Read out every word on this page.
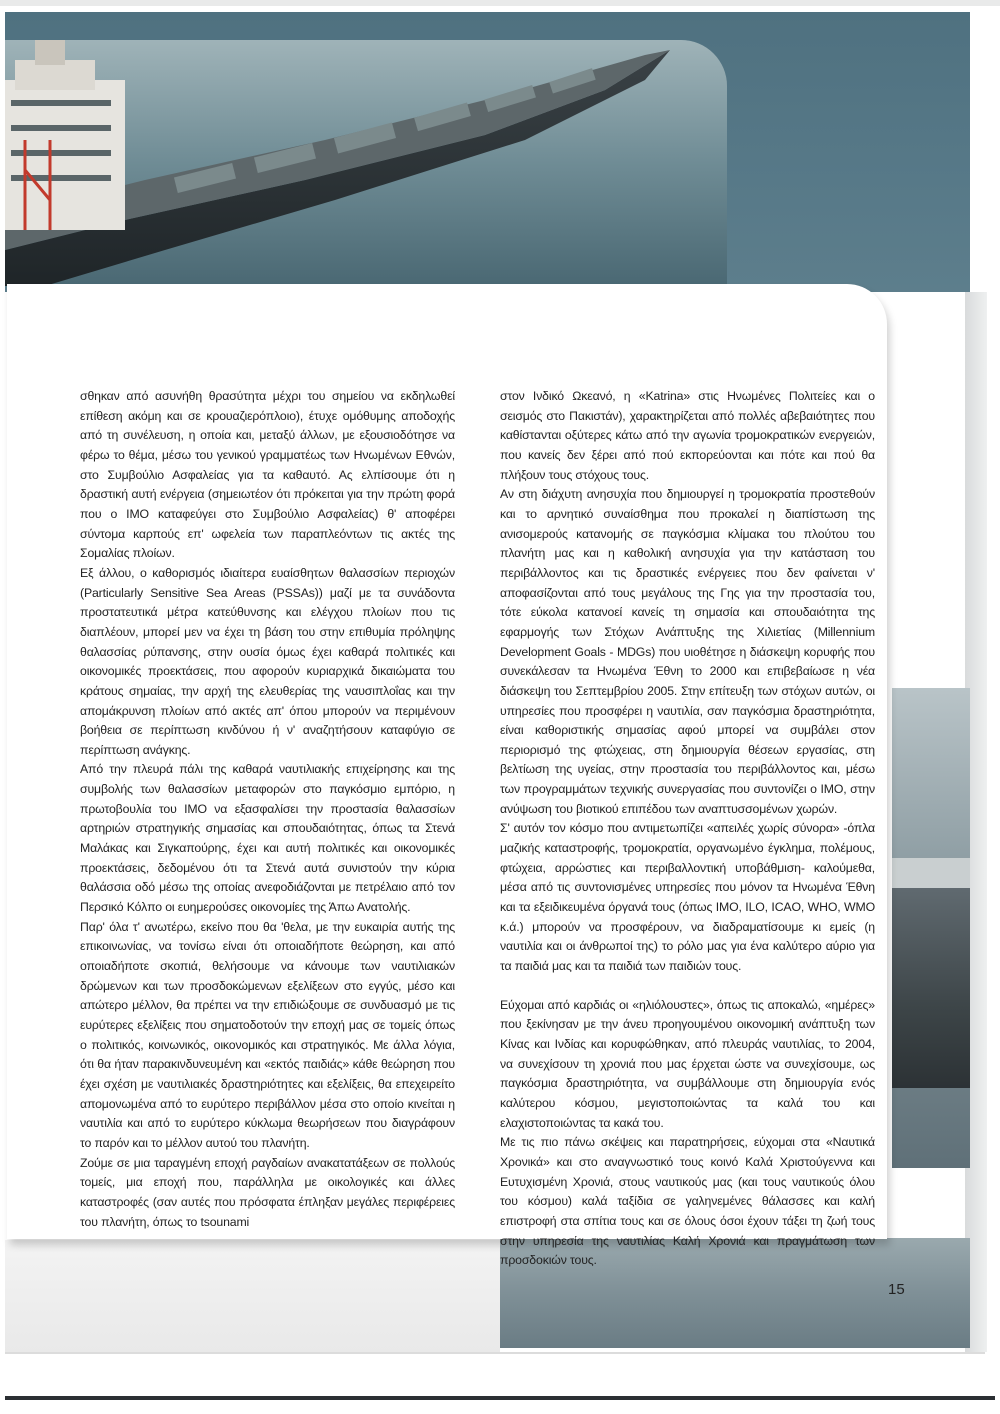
σθηκαν από ασυνήθη θρασύτητα μέχρι του σημείου να εκδηλωθεί επίθεση ακόμη και σε κρουαζιερόπλοιο), έτυχε ομόθυμης αποδοχής από τη συνέλευση, η οποία και, μεταξύ άλλων, με εξουσιοδότησε να φέρω το θέμα, μέσω του γενικού γραμματέως των Ηνωμένων Εθνών, στο Συμβούλιο Ασφαλείας για τα καθαυτό. Ας ελπίσουμε ότι η δραστική αυτή ενέργεια (σημειωτέον ότι πρόκειται για την πρώτη φορά που ο ΙΜΟ καταφεύγει στο Συμβούλιο Ασφαλείας) θ' αποφέρει σύντομα καρπούς επ' ωφελεία των παραπλεόντων τις ακτές της Σομαλίας πλοίων.

Εξ άλλου, ο καθορισμός ιδιαίτερα ευαίσθητων θαλασσίων περιοχών (Particularly Sensitive Sea Areas (PSSAs)) μαζί με τα συνάδοντα προστατευτικά μέτρα κατεύθυνσης και ελέγχου πλοίων που τις διαπλέουν, μπορεί μεν να έχει τη βάση του στην επιθυμία πρόληψης θαλασσίας ρύπανσης, στην ουσία όμως έχει καθαρά πολιτικές και οικονομικές προεκτάσεις, που αφορούν κυριαρχικά δικαιώματα του κράτους σημαίας, την αρχή της ελευθερίας της ναυσιπλοΐας και την απομάκρυνση πλοίων από ακτές απ' όπου μπορούν να περιμένουν βοήθεια σε περίπτωση κινδύνου ή ν' αναζητήσουν καταφύγιο σε περίπτωση ανάγκης.

Από την πλευρά πάλι της καθαρά ναυτιλιακής επιχείρησης και της συμβολής των θαλασσίων μεταφορών στο παγκόσμιο εμπόριο, η πρωτοβουλία του ΙΜΟ να εξασφαλίσει την προστασία θαλασσίων αρτηριών στρατηγικής σημασίας και σπουδαιότητας, όπως τα Στενά Μαλάκας και Σιγκαπούρης, έχει και αυτή πολιτικές και οικονομικές προεκτάσεις, δεδομένου ότι τα Στενά αυτά συνιστούν την κύρια θαλάσσια οδό μέσω της οποίας ανεφοδιάζονται με πετρέλαιο από τον Περσικό Κόλπο οι ευημερούσες οικονομίες της Άπω Ανατολής.

Παρ' όλα τ' ανωτέρω, εκείνο που θα 'θελα, με την ευκαιρία αυτής της επικοινωνίας, να τονίσω είναι ότι οποιαδήποτε θεώρηση, και από οποιαδήποτε σκοπιά, θελήσουμε να κάνουμε των ναυτιλιακών δρώμενων και των προσδοκώμενων εξελίξεων στο εγγύς, μέσο και απώτερο μέλλον, θα πρέπει να την επιδιώξουμε σε συνδυασμό με τις ευρύτερες εξελίξεις που σηματοδοτούν την εποχή μας σε τομείς όπως ο πολιτικός, κοινωνικός, οικονομικός και στρατηγικός. Με άλλα λόγια, ότι θα ήταν παρακινδυνευμένη και «εκτός παιδιάς» κάθε θεώρηση που έχει σχέση με ναυτιλιακές δραστηριότητες και εξελίξεις, θα επεχειρείτο απομονωμένα από το ευρύτερο περιβάλλον μέσα στο οποίο κινείται η ναυτιλία και από το ευρύτερο κύκλωμα θεωρήσεων που διαγράφουν το παρόν και το μέλλον αυτού του πλανήτη.

Ζούμε σε μια ταραγμένη εποχή ραγδαίων ανακατατάξεων σε πολλούς τομείς, μια εποχή που, παράλληλα με οικολογικές και άλλες καταστροφές (σαν αυτές που πρόσφατα έπληξαν μεγάλες περιφέρειες του πλανήτη, όπως το tsounami

στον Ινδικό Ωκεανό, η «Katrina» στις Ηνωμένες Πολιτείες και ο σεισμός στο Πακιστάν), χαρακτηρίζεται από πολλές αβεβαιότητες που καθίστανται οξύτερες κάτω από την αγωνία τρομοκρατικών ενεργειών, που κανείς δεν ξέρει από πού εκπορεύονται και πότε και πού θα πλήξουν τους στόχους τους.

Αν στη διάχυτη ανησυχία που δημιουργεί η τρομοκρατία προστεθούν και το αρνητικό συναίσθημα που προκαλεί η διαπίστωση της ανισομερούς κατανομής σε παγκόσμια κλίμακα του πλούτου του πλανήτη μας και η καθολική ανησυχία για την κατάσταση του περιβάλλοντος και τις δραστικές ενέργειες που δεν φαίνεται ν' αποφασίζονται από τους μεγάλους της Γης για την προστασία του, τότε εύκολα κατανοεί κανείς τη σημασία και σπουδαιότητα της εφαρμογής των Στόχων Ανάπτυξης της Χιλιετίας (Millennium Development Goals - MDGs) που υιοθέτησε η διάσκεψη κορυφής που συνεκάλεσαν τα Ηνωμένα Έθνη το 2000 και επιβεβαίωσε η νέα διάσκεψη του Σεπτεμβρίου 2005. Στην επίτευξη των στόχων αυτών, οι υπηρεσίες που προσφέρει η ναυτιλία, σαν παγκόσμια δραστηριότητα, είναι καθοριστικής σημασίας αφού μπορεί να συμβάλει στον περιορισμό της φτώχειας, στη δημιουργία θέσεων εργασίας, στη βελτίωση της υγείας, στην προστασία του περιβάλλοντος και, μέσω των προγραμμάτων τεχνικής συνεργασίας που συντονίζει ο ΙΜΟ, στην ανύψωση του βιοτικού επιπέδου των αναπτυσσομένων χωρών.

Σ' αυτόν τον κόσμο που αντιμετωπίζει «απειλές χωρίς σύνορα» -όπλα μαζικής καταστροφής, τρομοκρατία, οργανωμένο έγκλημα, πολέμους, φτώχεια, αρρώστιες και περιβαλλοντική υποβάθμιση- καλούμεθα, μέσα από τις συντονισμένες υπηρεσίες που μόνον τα Ηνωμένα Έθνη και τα εξειδικευμένα όργανά τους (όπως IMO, ILO, ICAO, WHO, WMO κ.ά.) μπορούν να προσφέρουν, να διαδραματίσουμε κι εμείς (η ναυτιλία και οι άνθρωποί της) το ρόλο μας για ένα καλύτερο αύριο για τα παιδιά μας και τα παιδιά των παιδιών τους.

Εύχομαι από καρδιάς οι «ηλιόλουστες», όπως τις αποκαλώ, «ημέρες» που ξεκίνησαν με την άνευ προηγουμένου οικονομική ανάπτυξη των Κίνας και Ινδίας και κορυφώθηκαν, από πλευράς ναυτιλίας, το 2004, να συνεχίσουν τη χρονιά που μας έρχεται ώστε να συνεχίσουμε, ως παγκόσμια δραστηριότητα, να συμβάλλουμε στη δημιουργία ενός καλύτερου κόσμου, μεγιστοποιώντας τα καλά του και ελαχιστοποιώντας τα κακά του.

Με τις πιο πάνω σκέψεις και παρατηρήσεις, εύχομαι στα «Ναυτικά Χρονικά» και στο αναγνωστικό τους κοινό Καλά Χριστούγεννα και Ευτυχισμένη Χρονιά, στους ναυτικούς μας (και τους ναυτικούς όλου του κόσμου) καλά ταξίδια σε γαληνεμένες θάλασσες και καλή επιστροφή στα σπίτια τους και σε όλους όσοι έχουν τάξει τη ζωή τους στην υπηρεσία της ναυτιλίας Καλή Χρονιά και πραγμάτωση των προσδοκιών τους.

15
